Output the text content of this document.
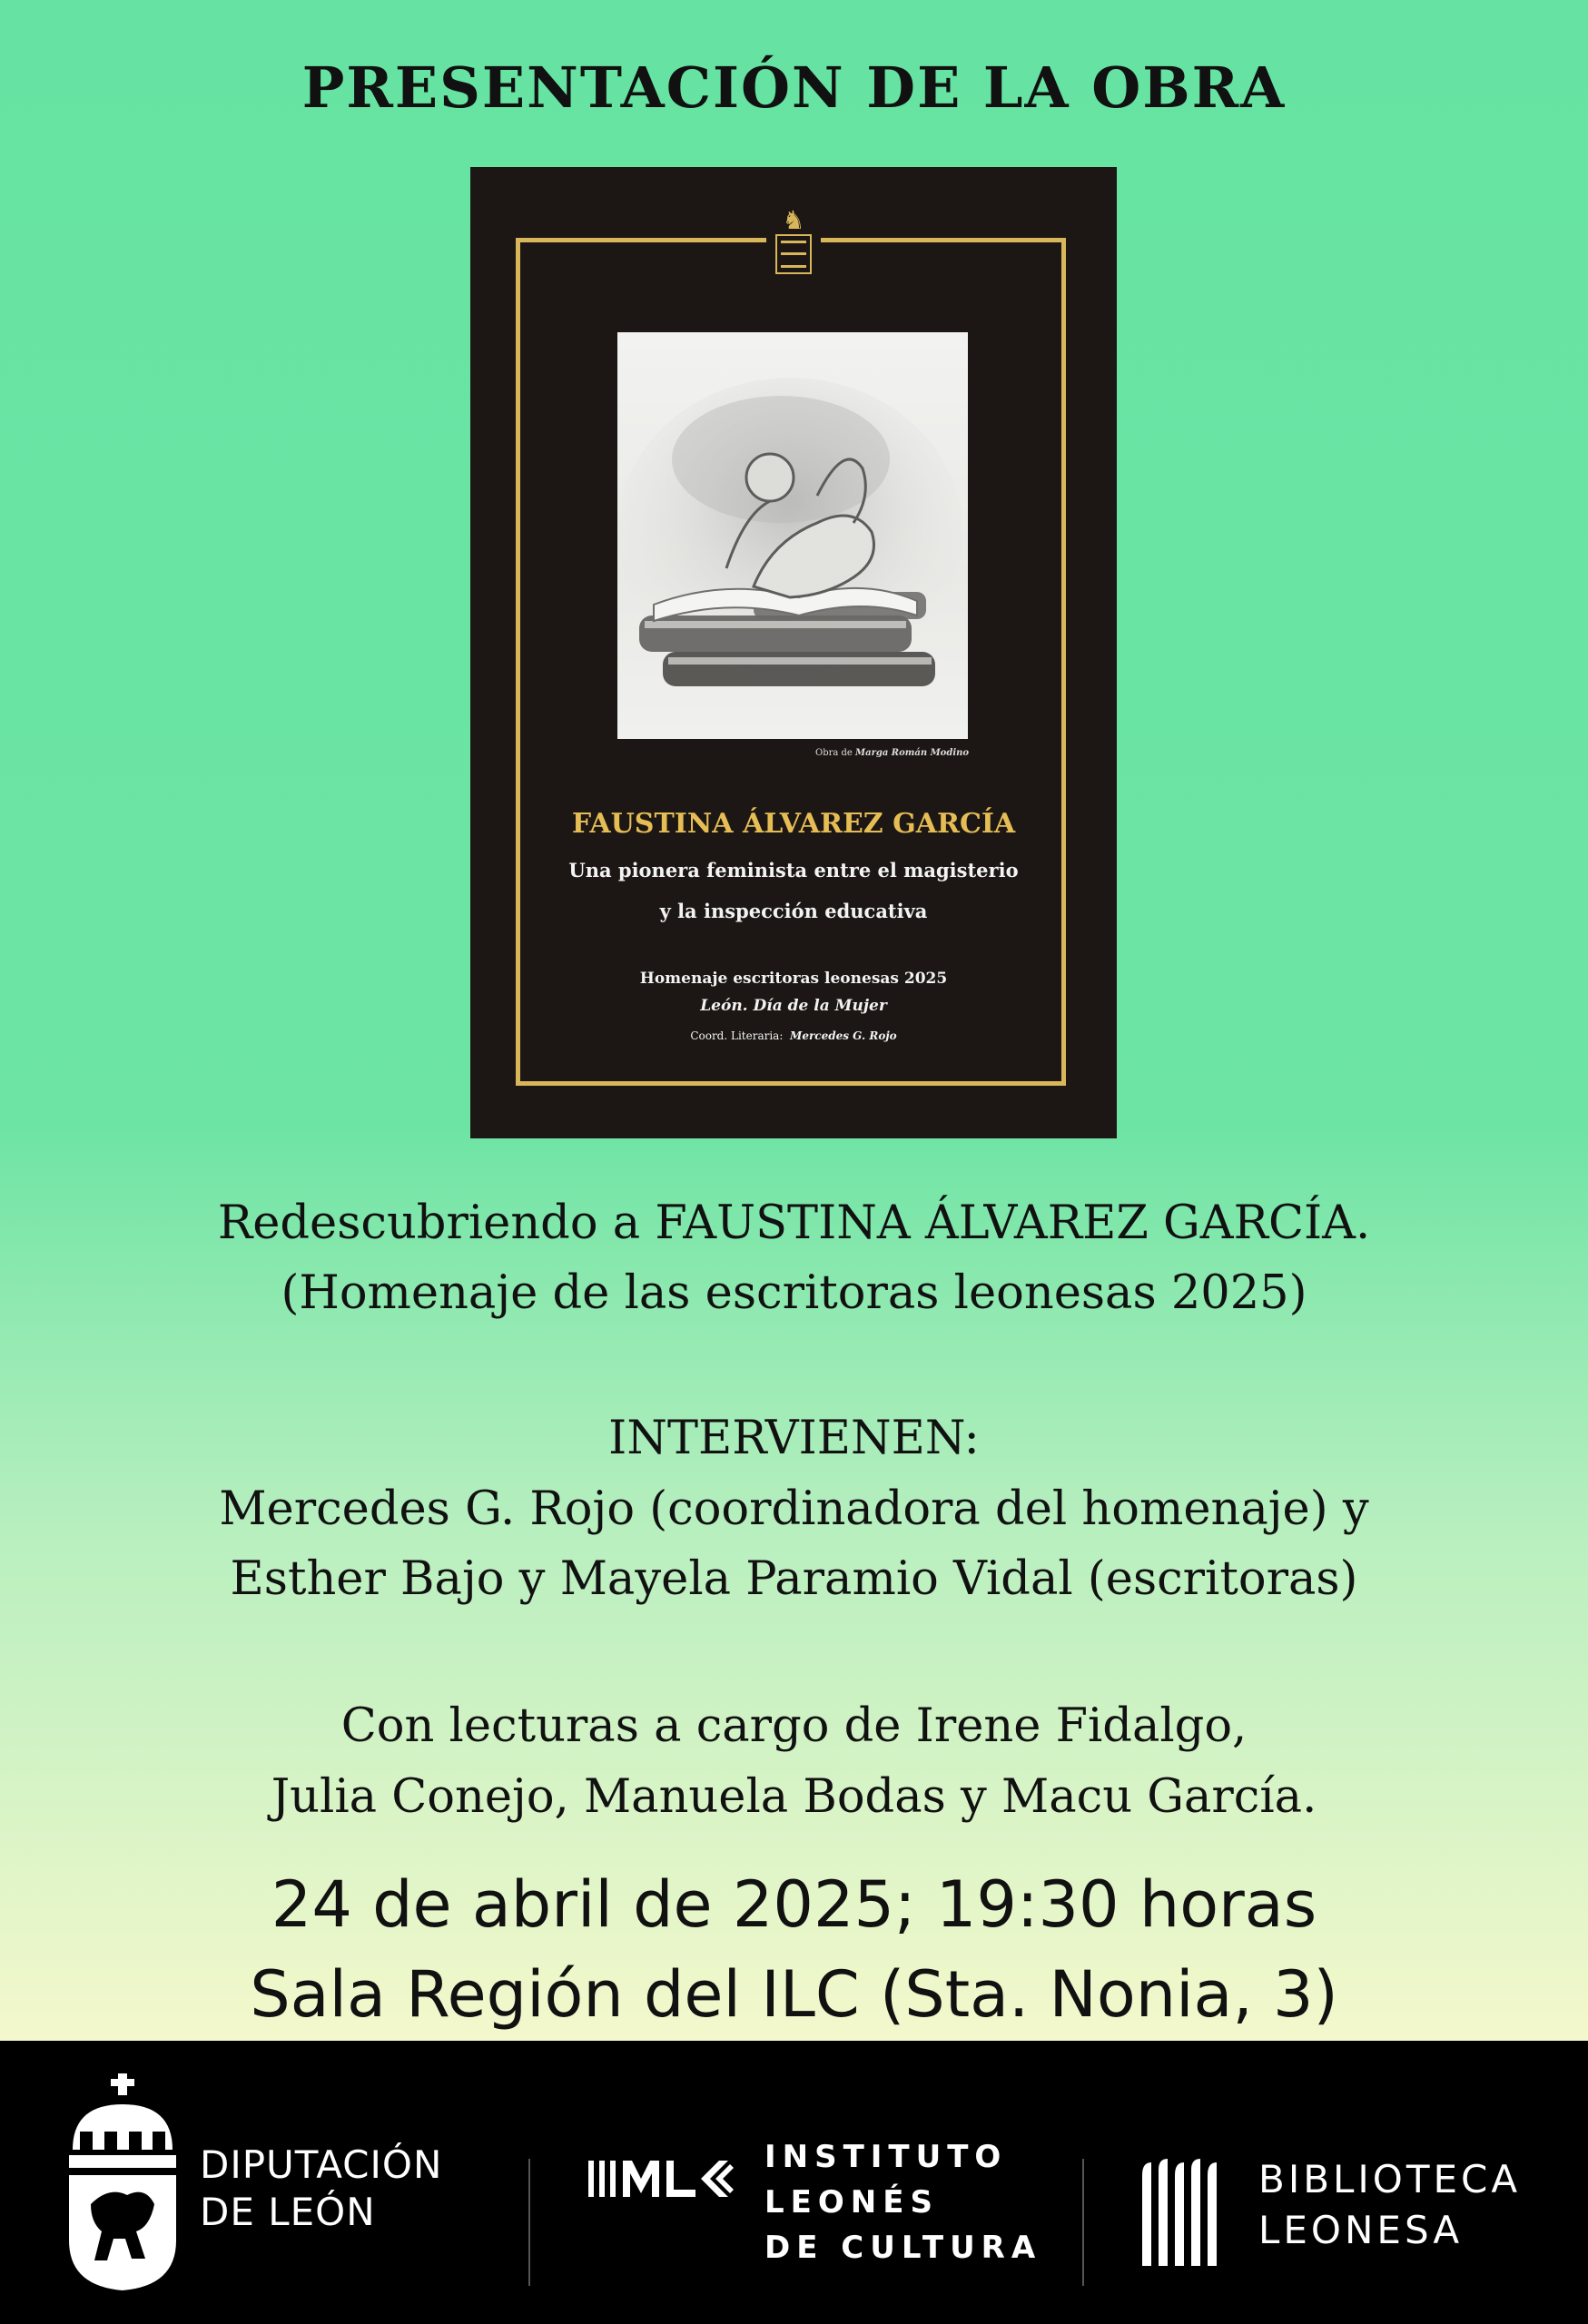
PRESENTACIÓN DE LA OBRA
♞
Obra de Marga Román Modino
FAUSTINA ÁLVAREZ GARCÍA
Una pionera feminista entre el magisterio
y la inspección educativa
Homenaje escritoras leonesas 2025
León. Día de la Mujer
Coord. Literaria: Mercedes G. Rojo
Redescubriendo a FAUSTINA ÁLVAREZ GARCÍA.
(Homenaje de las escritoras leonesas 2025)
INTERVIENEN:
Mercedes G. Rojo (coordinadora del homenaje) y
Esther Bajo y Mayela Paramio Vidal (escritoras)
Con lecturas a cargo de Irene Fidalgo,
Julia Conejo, Manuela Bodas y Macu García.
24 de abril de 2025; 19:30 horas
Sala Región del ILC (Sta. Nonia, 3)
DIPUTACIÓN
DE LEÓN
INSTITUTO
LEONÉS
DE CULTURA
BIBLIOTECA
LEONESA
